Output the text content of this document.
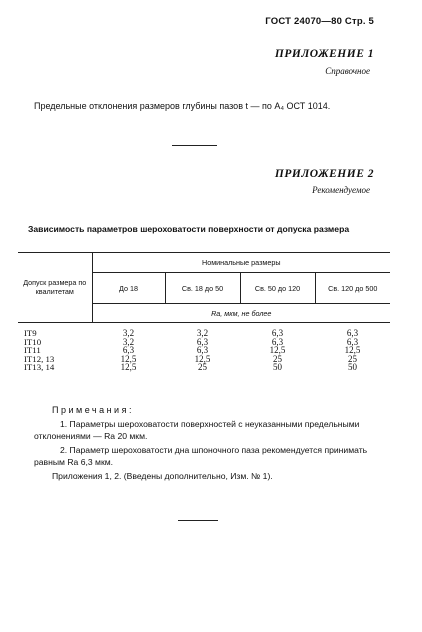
ГОСТ 24070—80 Стр. 5
ПРИЛОЖЕНИЕ 1
Справочное
Предельные отклонения размеров глубины пазов t — по A₄ ОСТ 1014.
ПРИЛОЖЕНИЕ 2
Рекомендуемое
Зависимость параметров шероховатости поверхности от допуска размера
Допуск размера по квалитетам	Номинальные размеры			
	До 18	Св. 18 до 50	Св. 50 до 120	Св. 120 до 500
	Ra, мкм, не более			

IT9	3,2	3,2	6,3	6,3
IT10	3,2	6,3	6,3	6,3
IT11	6,3	6,3	12,5	12,5
IT12, 13	12,5	12,5	25	25
IT13, 14	12,5	25	50	50
Примечания:
1. Параметры шероховатости поверхностей с неуказанными предельными
отклонениями — Ra 20 мкм.
2. Параметр шероховатости дна шпоночного паза рекомендуется принимать
равным Ra 6,3 мкм.
Приложения 1, 2. (Введены дополнительно, Изм. № 1).
